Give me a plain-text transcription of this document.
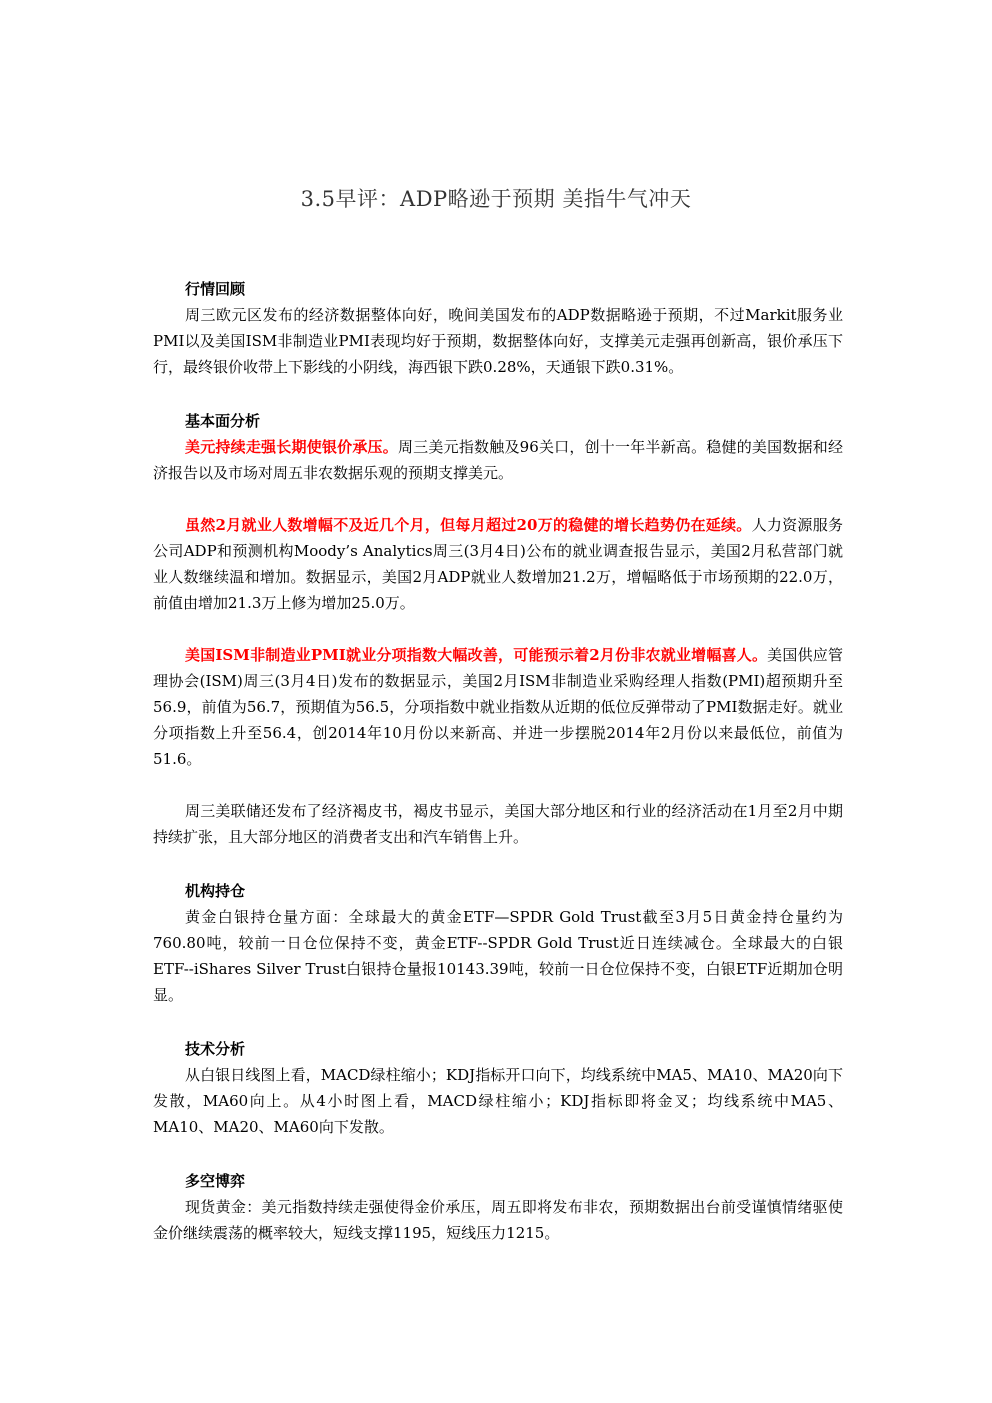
3.5早评：ADP略逊于预期 美指牛气冲天

行情回顾

周三欧元区发布的经济数据整体向好，晚间美国发布的ADP数据略逊于预期，不过Markit服务业PMI以及美国ISM非制造业PMI表现均好于预期，数据整体向好，支撑美元走强再创新高，银价承压下行，最终银价收带上下影线的小阴线，海西银下跌0.28%，天通银下跌0.31%。

基本面分析

美元持续走强长期使银价承压。周三美元指数触及96关口，创十一年半新高。稳健的美国数据和经济报告以及市场对周五非农数据乐观的预期支撑美元。

虽然2月就业人数增幅不及近几个月，但每月超过20万的稳健的增长趋势仍在延续。人力资源服务公司ADP和预测机构Moody’s Analytics周三(3月4日)公布的就业调查报告显示，美国2月私营部门就业人数继续温和增加。数据显示，美国2月ADP就业人数增加21.2万，增幅略低于市场预期的22.0万，前值由增加21.3万上修为增加25.0万。

美国ISM非制造业PMI就业分项指数大幅改善，可能预示着2月份非农就业增幅喜人。美国供应管理协会(ISM)周三(3月4日)发布的数据显示，美国2月ISM非制造业采购经理人指数(PMI)超预期升至56.9，前值为56.7，预期值为56.5，分项指数中就业指数从近期的低位反弹带动了PMI数据走好。就业分项指数上升至56.4，创2014年10月份以来新高、并进一步摆脱2014年2月份以来最低位，前值为51.6。

周三美联储还发布了经济褐皮书，褐皮书显示，美国大部分地区和行业的经济活动在1月至2月中期持续扩张，且大部分地区的消费者支出和汽车销售上升。

机构持仓

黄金白银持仓量方面：全球最大的黄金ETF—SPDR Gold Trust截至3月5日黄金持仓量约为760.80吨，较前一日仓位保持不变，黄金ETF--SPDR Gold Trust近日连续减仓。全球最大的白银ETF--iShares Silver Trust白银持仓量报10143.39吨，较前一日仓位保持不变，白银ETF近期加仓明显。

技术分析

从白银日线图上看，MACD绿柱缩小；KDJ指标开口向下，均线系统中MA5、MA10、MA20向下发散，MA60向上。从4小时图上看，MACD绿柱缩小；KDJ指标即将金叉；均线系统中MA5、MA10、MA20、MA60向下发散。

多空博弈

现货黄金：美元指数持续走强使得金价承压，周五即将发布非农，预期数据出台前受谨慎情绪驱使金价继续震荡的概率较大，短线支撑1195，短线压力1215。
